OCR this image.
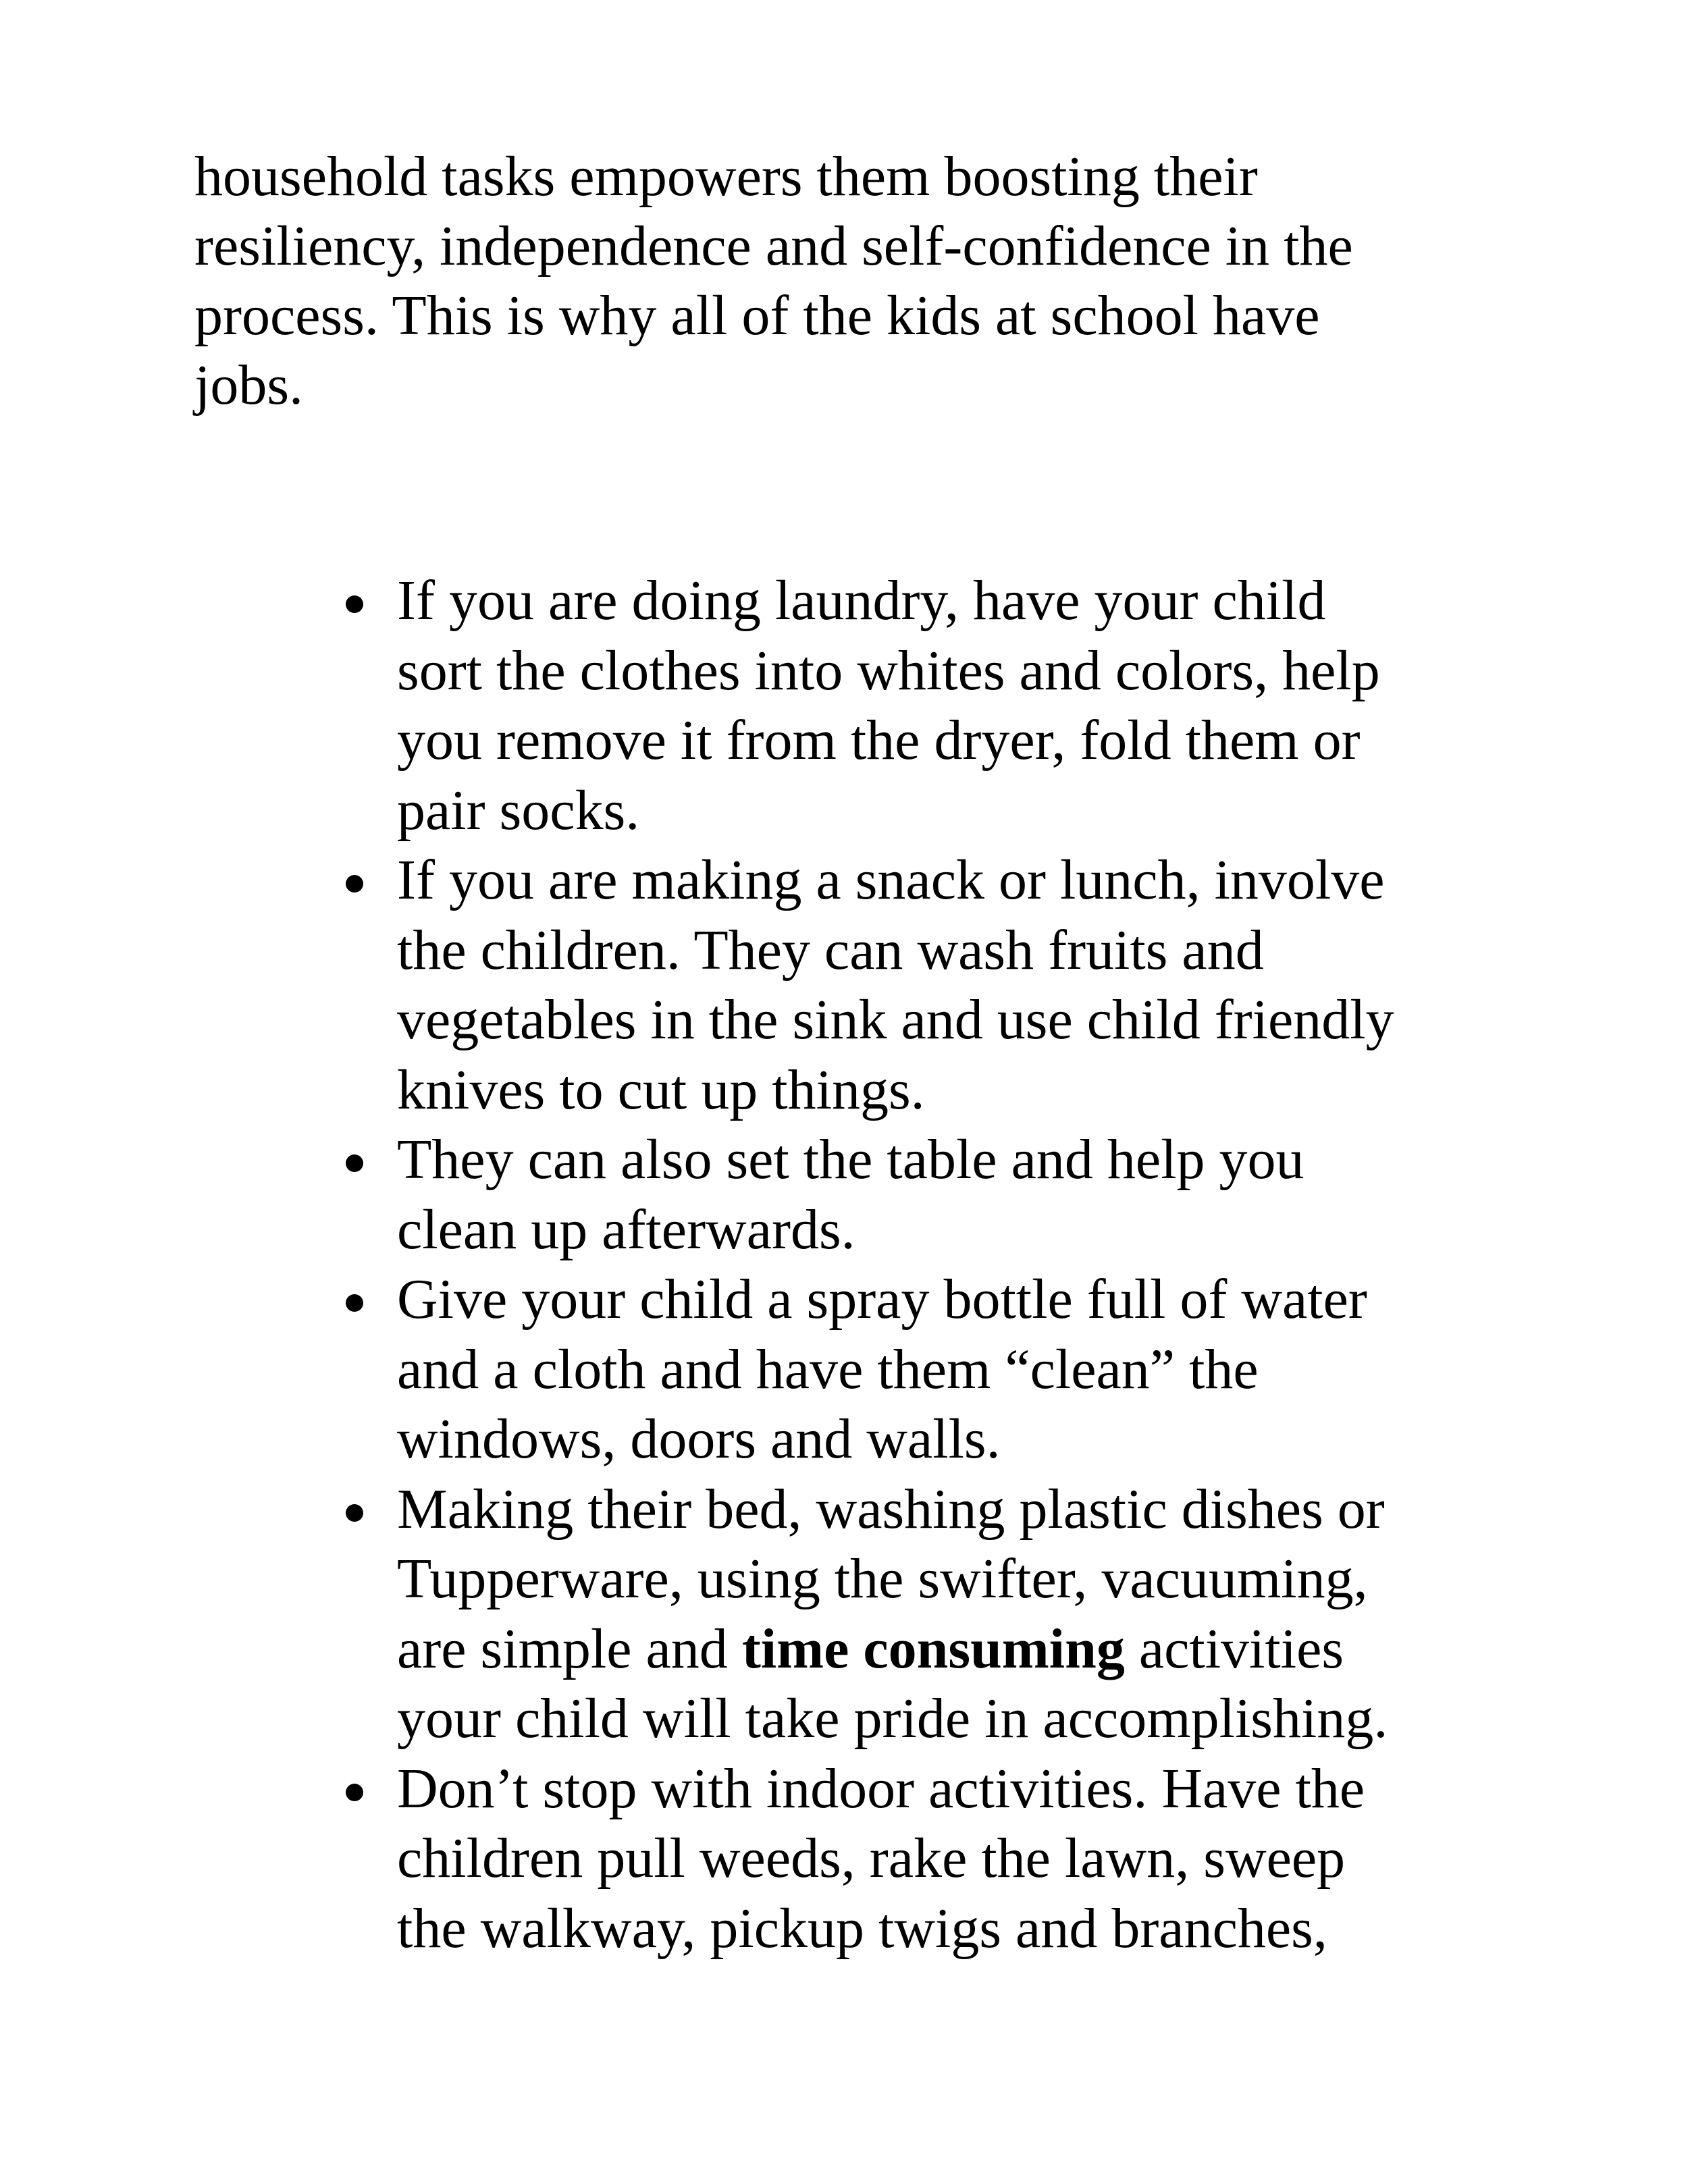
household tasks empowers them boosting their
resiliency, independence and self-confidence in the
process. This is why all of the kids at school have
jobs.

If you are doing laundry, have your child
sort the clothes into whites and colors, help
you remove it from the dryer, fold them or
pair socks.
If you are making a snack or lunch, involve
the children. They can wash fruits and
vegetables in the sink and use child friendly
knives to cut up things.
They can also set the table and help you
clean up afterwards.
Give your child a spray bottle full of water
and a cloth and have them “clean” the
windows, doors and walls.
Making their bed, washing plastic dishes or
Tupperware, using the swifter, vacuuming,
are simple and time consuming activities
your child will take pride in accomplishing.
Don’t stop with indoor activities. Have the
children pull weeds, rake the lawn, sweep
the walkway, pickup twigs and branches,
